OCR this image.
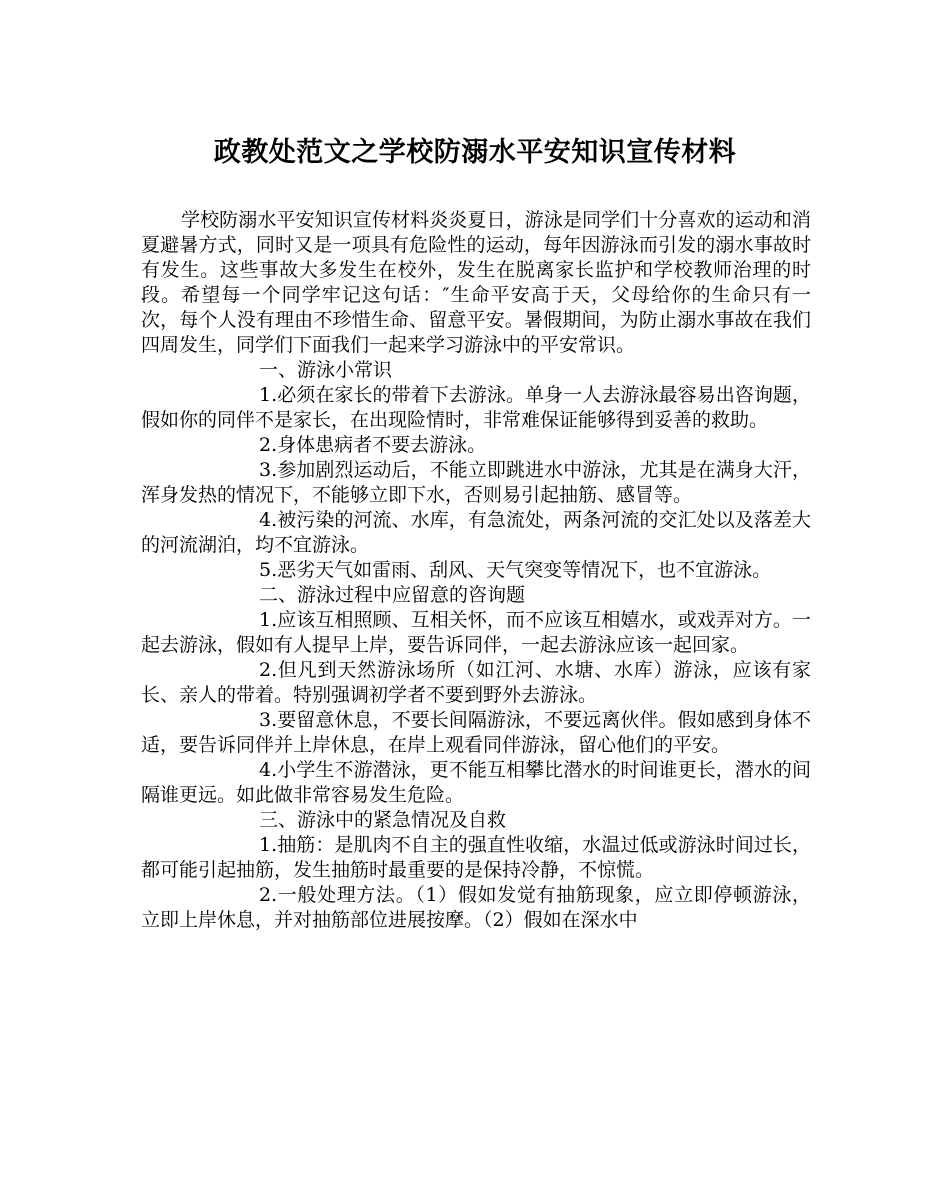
政教处范文之学校防溺水平安知识宣传材料

学校防溺水平安知识宣传材料炎炎夏日，游泳是同学们十分喜欢的运动和消夏避暑方式，同时又是一项具有危险性的运动，每年因游泳而引发的溺水事故时有发生。这些事故大多发生在校外，发生在脱离家长监护和学校教师治理的时段。希望每一个同学牢记这句话：″生命平安高于天，父母给你的生命只有一次，每个人没有理由不珍惜生命、留意平安。暑假期间，为防止溺水事故在我们四周发生，同学们下面我们一起来学习游泳中的平安常识。

一、游泳小常识

1.必须在家长的带着下去游泳。单身一人去游泳最容易出咨询题，假如你的同伴不是家长，在出现险情时，非常难保证能够得到妥善的救助。

2.身体患病者不要去游泳。

3.参加剧烈运动后，不能立即跳进水中游泳，尤其是在满身大汗，浑身发热的情况下，不能够立即下水，否则易引起抽筋、感冒等。

4.被污染的河流、水库，有急流处，两条河流的交汇处以及落差大的河流湖泊，均不宜游泳。

5.恶劣天气如雷雨、刮风、天气突变等情况下，也不宜游泳。

二、游泳过程中应留意的咨询题

1.应该互相照顾、互相关怀，而不应该互相嬉水，或戏弄对方。一起去游泳，假如有人提早上岸，要告诉同伴，一起去游泳应该一起回家。

2.但凡到天然游泳场所（如江河、水塘、水库）游泳，应该有家长、亲人的带着。特别强调初学者不要到野外去游泳。

3.要留意休息，不要长间隔游泳，不要远离伙伴。假如感到身体不适，要告诉同伴并上岸休息，在岸上观看同伴游泳，留心他们的平安。

4.小学生不游潜泳，更不能互相攀比潜水的时间谁更长，潜水的间隔谁更远。如此做非常容易发生危险。

三、游泳中的紧急情况及自救

1.抽筋：是肌肉不自主的强直性收缩，水温过低或游泳时间过长，都可能引起抽筋，发生抽筋时最重要的是保持冷静，不惊慌。

2.一般处理方法。（1）假如发觉有抽筋现象，应立即停顿游泳，立即上岸休息，并对抽筋部位进展按摩。（2）假如在深水中
